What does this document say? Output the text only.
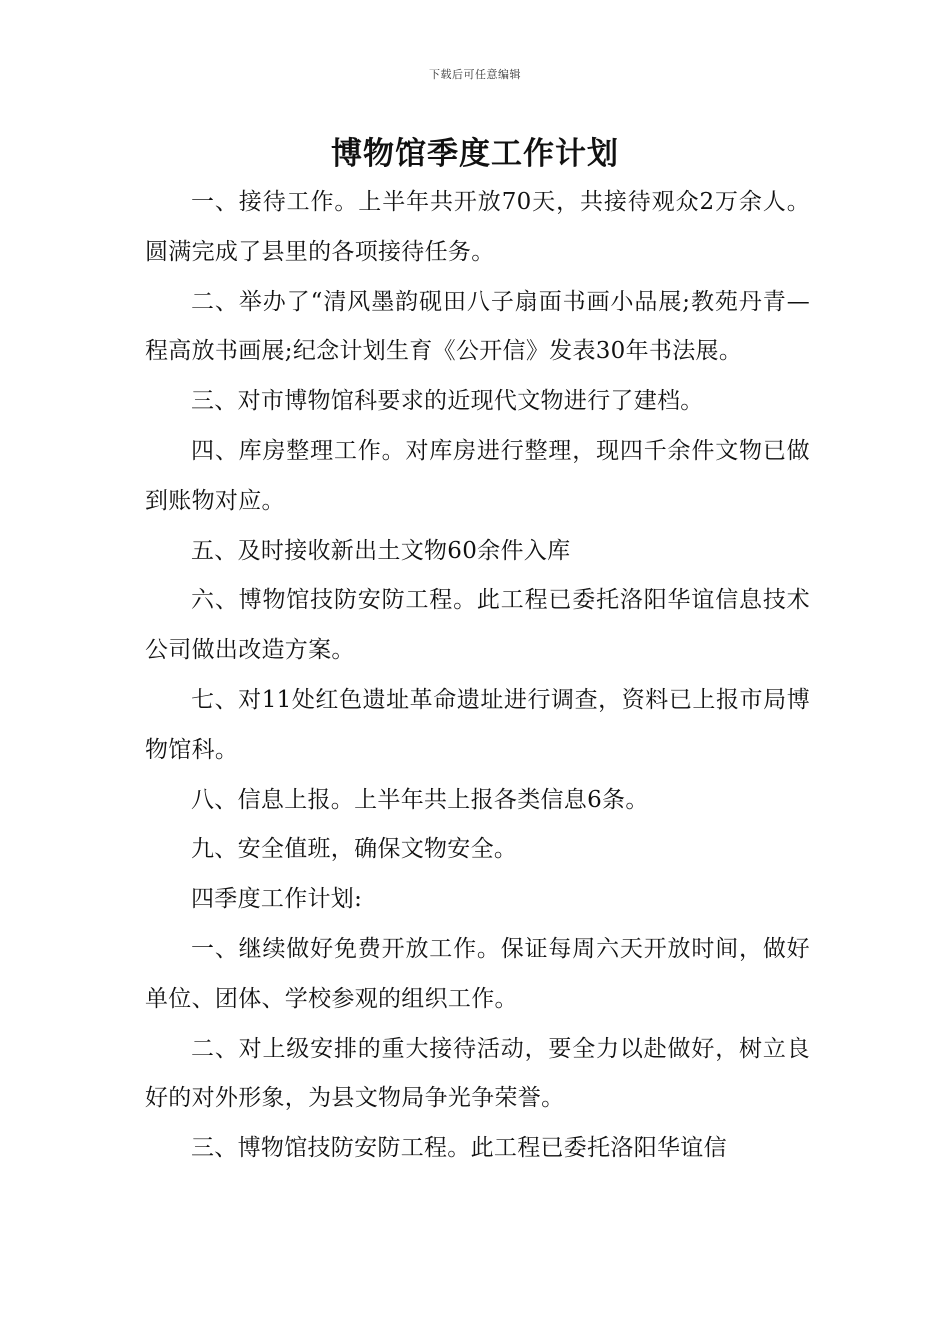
下载后可任意编辑
博物馆季度工作计划

一、接待工作。上半年共开放70天，共接待观众2万余人。圆满完成了县里的各项接待任务。

二、举办了“清风墨韵砚田八子扇面书画小品展;教苑丹青—程高放书画展;纪念计划生育《公开信》发表30年书法展。

三、对市博物馆科要求的近现代文物进行了建档。

四、库房整理工作。对库房进行整理，现四千余件文物已做到账物对应。

五、及时接收新出土文物60余件入库

六、博物馆技防安防工程。此工程已委托洛阳华谊信息技术公司做出改造方案。

七、对11处红色遗址革命遗址进行调查，资料已上报市局博物馆科。

八、信息上报。上半年共上报各类信息6条。

九、安全值班，确保文物安全。

四季度工作计划:

一、继续做好免费开放工作。保证每周六天开放时间，做好单位、团体、学校参观的组织工作。

二、对上级安排的重大接待活动，要全力以赴做好，树立良好的对外形象，为县文物局争光争荣誉。

三、博物馆技防安防工程。此工程已委托洛阳华谊信
